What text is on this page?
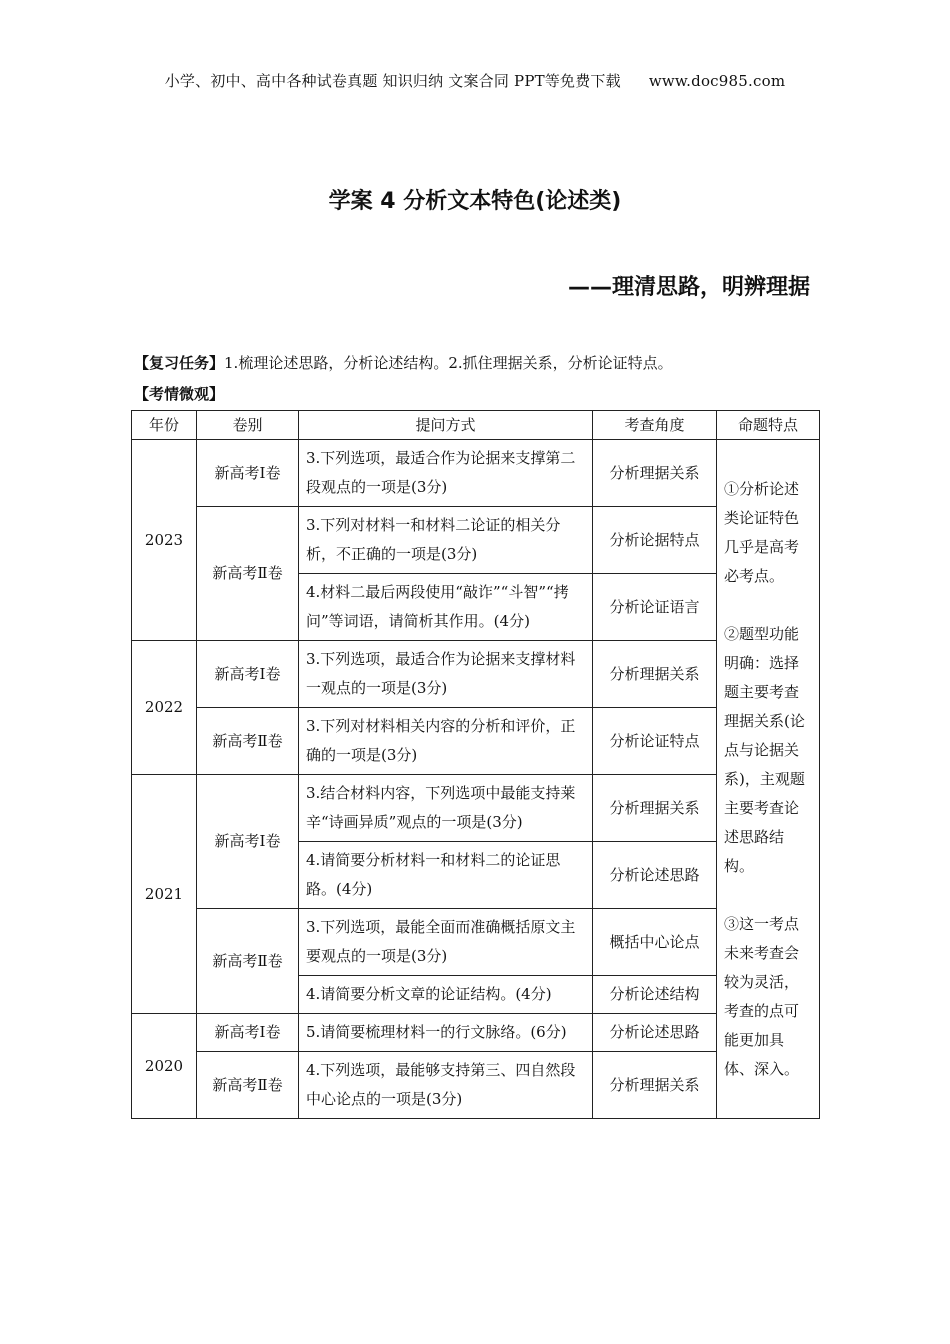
小学、初中、高中各种试卷真题 知识归纳 文案合同 PPT等免费下载 www.doc985.com
学案 4 分析文本特色(论述类)
——理清思路，明辨理据
【复习任务】1.梳理论述思路，分析论述结构。2.抓住理据关系，分析论证特点。
【考情微观】
年份	卷别	提问方式	考查角度	命题特点
2023	新高考Ⅰ卷	3.下列选项，最适合作为论据来支撑第二段观点的一项是(3分)	分析理据关系	①分析论述类论证特色几乎是高考必考点。

②题型功能明确：选择题主要考查理据关系(论点与论据关系)，主观题主要考查论述思路结构。

③这一考点未来考查会较为灵活，考查的点可能更加具体、深入。

	新高考Ⅱ卷	3.下列对材料一和材料二论证的相关分析，不正确的一项是(3分)	分析论据特点	
		4.材料二最后两段使用“敲诈”“斗智”“拷问”等词语，请简析其作用。(4分)	分析论证语言	
2022	新高考Ⅰ卷	3.下列选项，最适合作为论据来支撑材料一观点的一项是(3分)	分析理据关系	
	新高考Ⅱ卷	3.下列对材料相关内容的分析和评价，正确的一项是(3分)	分析论证特点	
2021	新高考Ⅰ卷	3.结合材料内容，下列选项中最能支持莱辛“诗画异质”观点的一项是(3分)	分析理据关系	
		4.请简要分析材料一和材料二的论证思路。(4分)	分析论述思路	
	新高考Ⅱ卷	3.下列选项，最能全面而准确概括原文主要观点的一项是(3分)	概括中心论点	
		4.请简要分析文章的论证结构。(4分)	分析论述结构	
2020	新高考Ⅰ卷	5.请简要梳理材料一的行文脉络。(6分)	分析论述思路	
	新高考Ⅱ卷	4.下列选项，最能够支持第三、四自然段中心论点的一项是(3分)	分析理据关系	
